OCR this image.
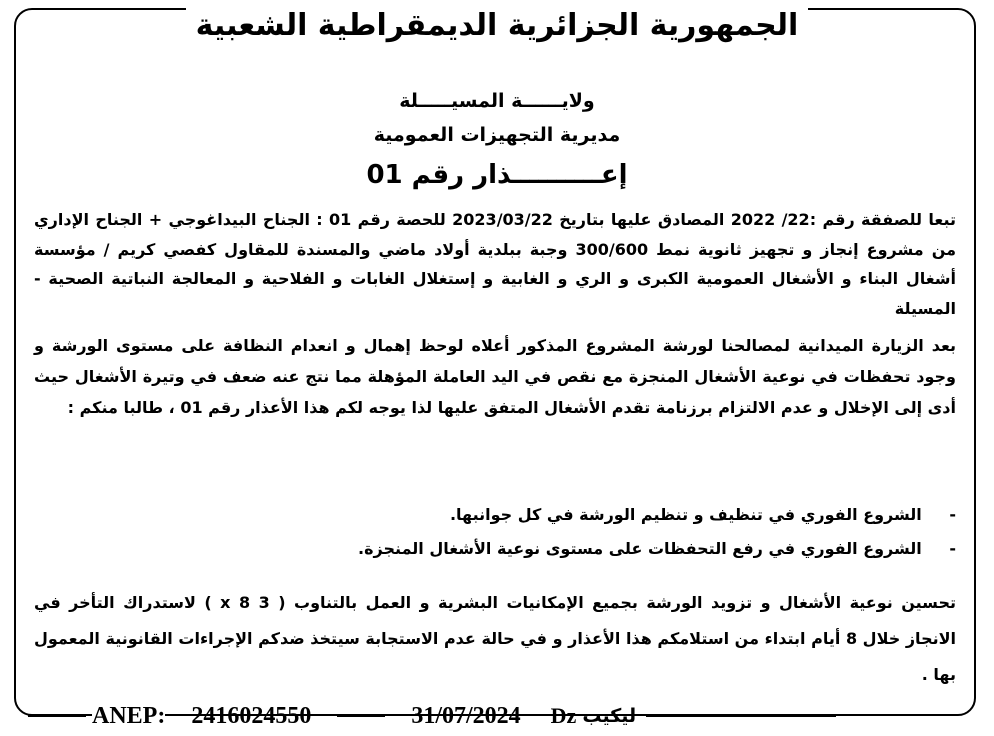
الجمهورية الجزائرية الديمقراطية الشعبية
ولايــــــة المسيـــــلة
مديرية التجهيزات العمومية
إعــــــــــذار رقم 01
تبعا للصفقة رقم :22/ 2022 المصادق عليها بتاريخ 2023/03/22 للحصة رقم 01 : الجناح البيداغوجي + الجناح الإداري من مشروع إنجاز و تجهيز ثانوية نمط 300/600 وجبة ببلدية أولاد ماضي والمسندة للمقاول كفصي كريم / مؤسسة أشغال البناء و الأشغال العمومية الكبرى و الري و الغابية و إستغلال الغابات و الفلاحية و المعالجة النباتية الصحية - المسيلة
بعد الزيارة الميدانية لمصالحنا لورشة المشروع المذكور أعلاه لوحظ إهمال و انعدام النظافة على مستوى الورشة و وجود تحفظات في نوعية الأشغال المنجزة مع نقص في اليد العاملة المؤهلة مما نتج عنه ضعف في وتيرة الأشغال حيث أدى إلى الإخلال و عدم الالتزام برزنامة تقدم الأشغال المتفق عليها لذا يوجه لكم هذا الأعذار رقم 01 ، طالبا منكم :
- الشروع الفوري في تنظيف و تنظيم الورشة في كل جوانبها.
- الشروع الفوري في رفع التحفظات على مستوى نوعية الأشغال المنجزة.
تحسين نوعية الأشغال و تزويد الورشة بجميع الإمكانيات البشرية و العمل بالتناوب ( 3 x 8 ) لاستدراك التأخر في الانجاز خلال 8 أيام ابتداء من استلامكم هذا الأعذار و في حالة عدم الاستجابة سيتخذ ضدكم الإجراءات القانونية المعمول بها .
ANEP: 2416024550	31/07/2024 Dz ليكيب
